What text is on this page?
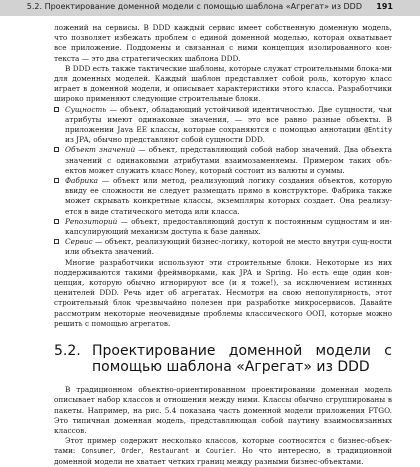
5.2. Проектирование доменной модели с помощью шаблона «Агрегат» из DDD 191

ложений на сервисы. В DDD каждый сервис имеет собственную доменную модель, что позволяет избежать проблем с единой доменной моделью, которая охватывает все приложение. Поддомены и связанная с ними концепция изолированного кон-текста — это два стратегических шаблона DDD.

В DDD есть также тактические шаблоны, которые служат строительными блока-ми для доменных моделей. Каждый шаблон представляет собой роль, которую класс играет в доменной модели, и описывает характеристики этого класса. Разработчики широко применяют следующие строительные блоки.

Сущность — объект, обладающий устойчивой идентичностью. Две сущности, чьи атрибуты имеют одинаковые значения, — это все равно разные объекты. В приложении Java EE классы, которые сохраняются с помощью аннотации @Entity из JPA, обычно представляют собой сущности DDD.
Объект значений — объект, представляющий собой набор значений. Два объекта значений с одинаковыми атрибутами взаимозаменяемы. Примером таких объ-ектов может служить класс Money, который состоит из валюты и суммы.
Фабрика — объект или метод, реализующий логику создания объектов, которую ввиду ее сложности не следует размещать прямо в конструкторе. Фабрика также может скрывать конкретные классы, экземпляры которых создает. Она реализу-ется в виде статического метода или класса.
Репозиторий — объект, предоставляющий доступ к постоянным сущностям и ин-капсулирующий механизм доступа к базе данных.
Сервис — объект, реализующий бизнес-логику, которой не место внутри сущ-ности или объекта значений.

Многие разработчики используют эти строительные блоки. Некоторые из них поддерживаются такими фреймворками, как JPA и Spring. Но есть еще один кон-цепция, которую обычно игнорируют все (и я тоже!), за исключением истинных ценителей DDD. Речь идет об агрегатах. Несмотря на свою непопулярность, этот строительный блок чрезвычайно полезен при разработке микросервисов. Давайте рассмотрим некоторые неочевидные проблемы классического ООП, которые можно решить с помощью агрегатов.

5.2. Проектирование доменной модели с помощью шаблона «Агрегат» из DDD

В традиционном объектно-ориентированном проектировании доменная модель описывает набор классов и отношения между ними. Классы обычно сгруппированы в пакеты. Например, на рис. 5.4 показана часть доменной модели приложения FTGO. Это типичная доменная модель, представляющая собой паутину взаимосвязанных классов.

Этот пример содержит несколько классов, которые соотносятся с бизнес-объек-тами: Consumer, Order, Restaurant и Courier. Но что интересно, в традиционной доменной модели не хватает четких границ между разными бизнес-объектами.
